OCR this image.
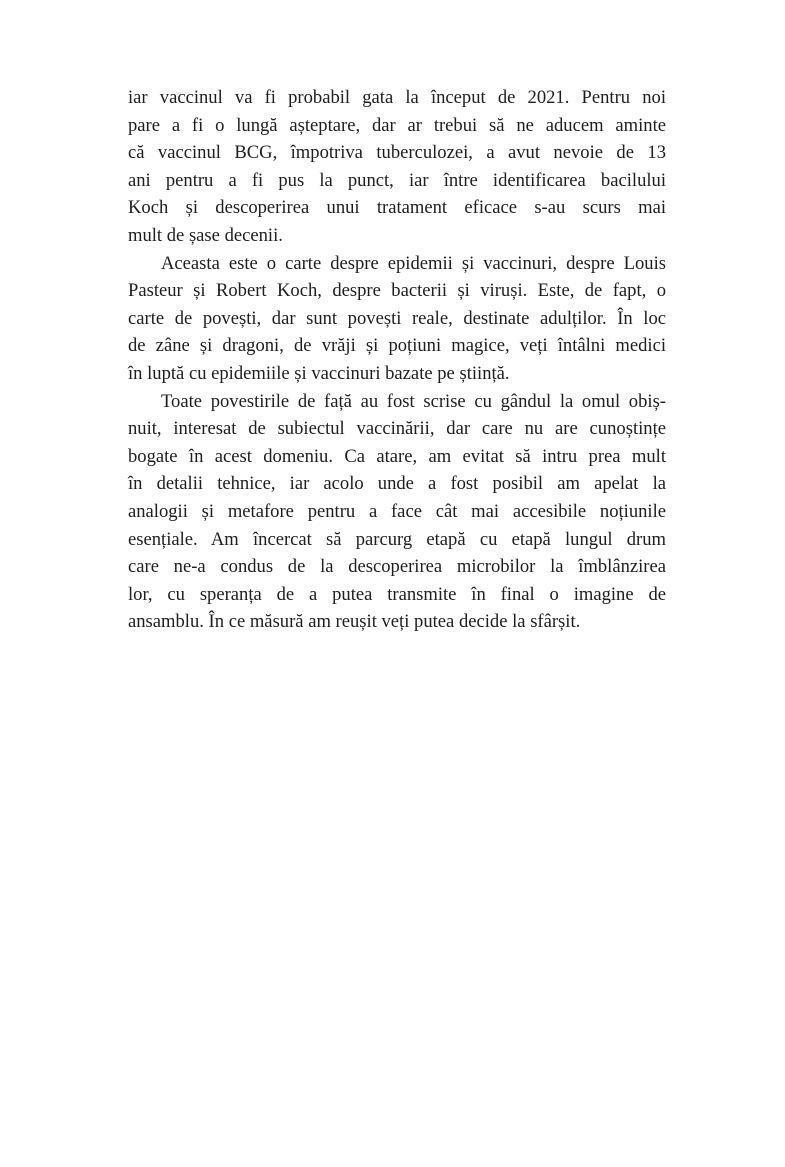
iar vaccinul va fi probabil gata la început de 2021. Pentru noi
pare a fi o lungă așteptare, dar ar trebui să ne aducem aminte
că vaccinul BCG, împotriva tuberculozei, a avut nevoie de 13
ani pentru a fi pus la punct, iar între identificarea bacilului
Koch și descoperirea unui tratament eficace s-au scurs mai
mult de șase decenii.

Aceasta este o carte despre epidemii și vaccinuri, despre Louis
Pasteur și Robert Koch, despre bacterii și viruși. Este, de fapt, o
carte de povești, dar sunt povești reale, destinate adulților. În loc
de zâne și dragoni, de vrăji și poțiuni magice, veți întâlni medici
în luptă cu epidemiile și vaccinuri bazate pe știință.

Toate povestirile de față au fost scrise cu gândul la omul obiș-
nuit, interesat de subiectul vaccinării, dar care nu are cunoștințe
bogate în acest domeniu. Ca atare, am evitat să intru prea mult
în detalii tehnice, iar acolo unde a fost posibil am apelat la
analogii și metafore pentru a face cât mai accesibile noțiunile
esențiale. Am încercat să parcurg etapă cu etapă lungul drum
care ne-a condus de la descoperirea microbilor la îmblânzirea
lor, cu speranța de a putea transmite în final o imagine de
ansamblu. În ce măsură am reușit veți putea decide la sfârșit.
